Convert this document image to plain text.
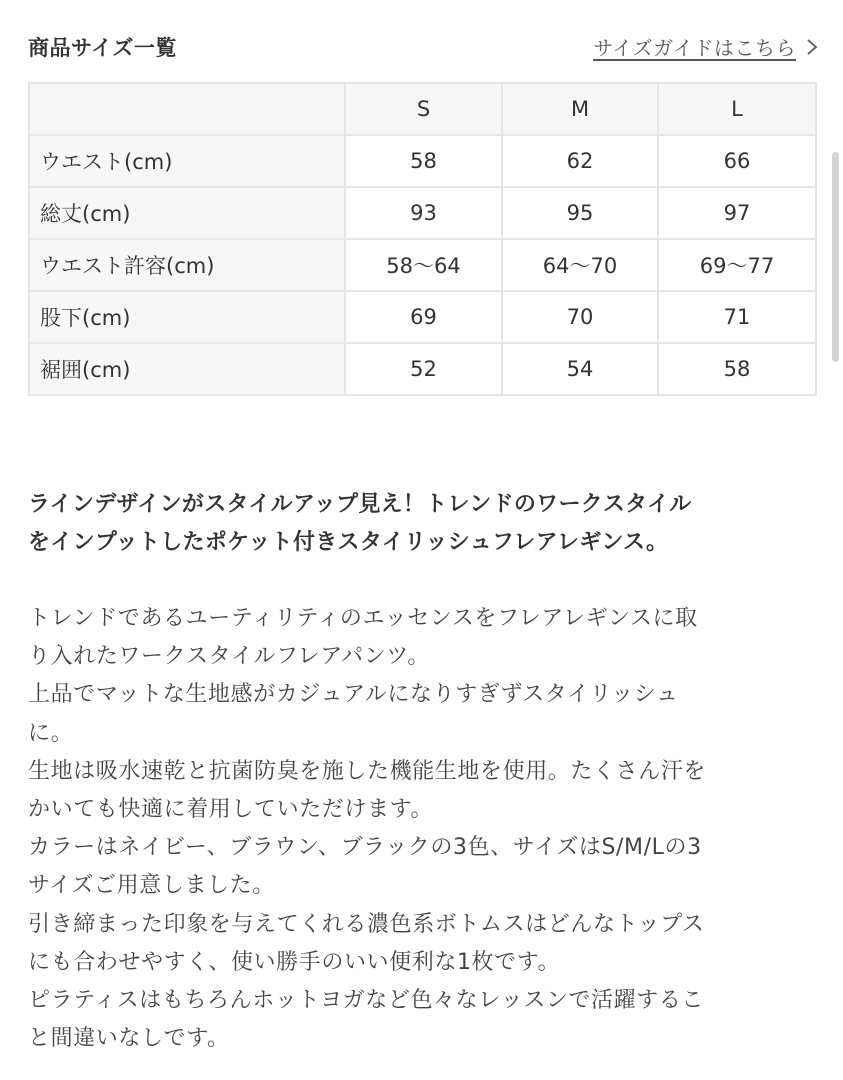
商品サイズ一覧	サイズガイドはこちら
	S	M	L
ウエスト(cm)	58	62	66
総丈(cm)	93	95	97
ウエスト許容(cm)	58〜64	64〜70	69〜77
股下(cm)	69	70	71
裾囲(cm)	52	54	58
ラインデザインがスタイルアップ見え！トレンドのワークスタイル
をインプットしたポケット付きスタイリッシュフレアレギンス。
トレンドであるユーティリティのエッセンスをフレアレギンスに取
り入れたワークスタイルフレアパンツ。
上品でマットな生地感がカジュアルになりすぎずスタイリッシュ
に。
生地は吸水速乾と抗菌防臭を施した機能生地を使用。たくさん汗を
かいても快適に着用していただけます。
カラーはネイビー、ブラウン、ブラックの3色、サイズはS/M/Lの3
サイズご用意しました。
引き締まった印象を与えてくれる濃色系ボトムスはどんなトップス
にも合わせやすく、使い勝手のいい便利な1枚です。
ピラティスはもちろんホットヨガなど色々なレッスンで活躍するこ
と間違いなしです。
